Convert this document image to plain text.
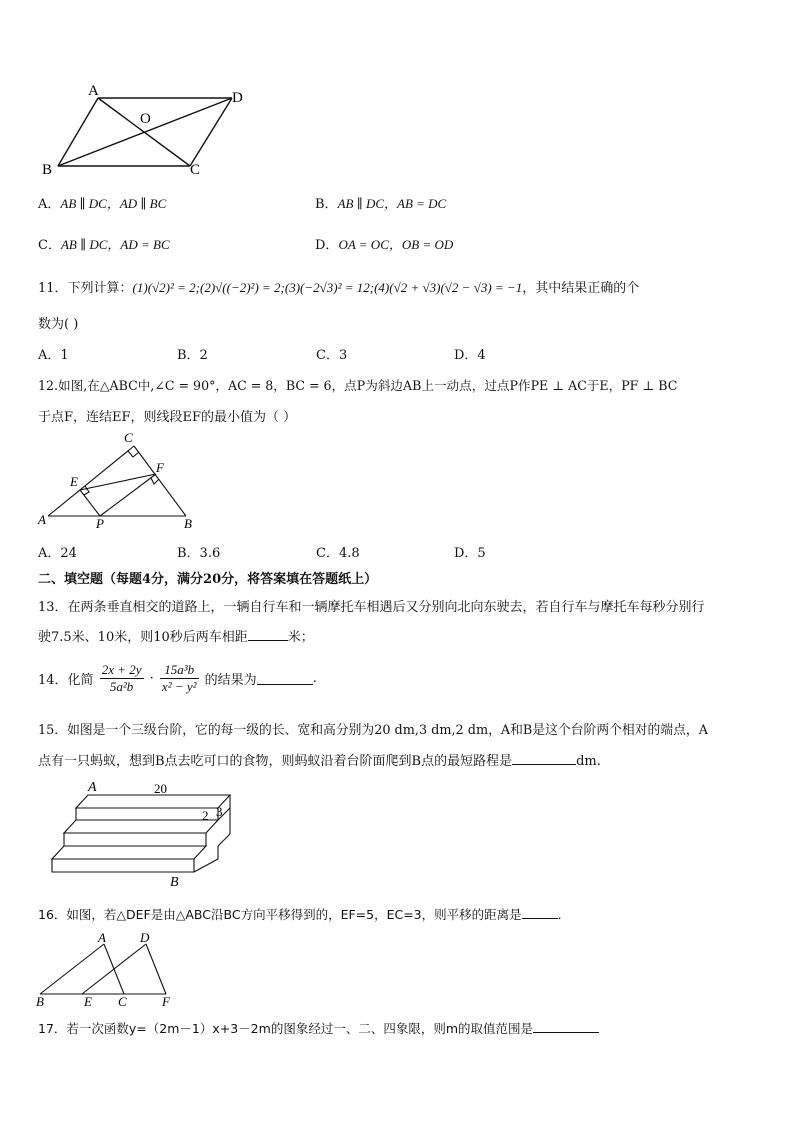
A	D
O
B	C
A．AB ∥ DC，AD ∥ BC	B．AB ∥ DC，AB = DC
C．AB ∥ DC，AD = BC	D．OA = OC，OB = OD
11．下列计算：(1)(√2)² = 2;(2)√((−2)²) = 2;(3)(−2√3)² = 12;(4)(√2 + √3)(√2 − √3) = −1，其中结果正确的个
数为( )
A．1	B．2	C．3	D．4
12.如图,在△ABC中,∠C = 90°，AC = 8，BC = 6，点P为斜边AB上一动点，过点P作PE ⊥ AC于E，PF ⊥ BC
于点F，连结EF，则线段EF的最小值为（ ）
C
F
E
A	P	B
A．24	B．3.6	C．4.8	D．5
二、填空题（每题4分，满分20分，将答案填在答题纸上）
13．在两条垂直相交的道路上，一辆自行车和一辆摩托车相遇后又分别向北向东驶去，若自行车与摩托车每秒分别行
驶7.5米、10米，则10秒后两车相距	米；
14．化简 $\frac{2x + 2y}{\text{5a²b}} \cdot \frac{\text{15a³b}}{\text{x² − y²}}$ 的结果为	.
15．如图是一个三级台阶，它的每一级的长、宽和高分别为20 dm,3 dm,2 dm，A和B是这个台阶两个相对的端点，A
点有一只蚂蚁，想到B点去吃可口的食物，则蚂蚁沿着台阶面爬到B点的最短路程是	dm.
A	20
2 3
B
16．如图，若△DEF是由△ABC沿BC方向平移得到的，EF=5，EC=3，则平移的距离是	．
A	D
B	E C	F
17．若一次函数y=（2m－1）x+3－2m的图象经过一、二、四象限，则m的取值范围是
